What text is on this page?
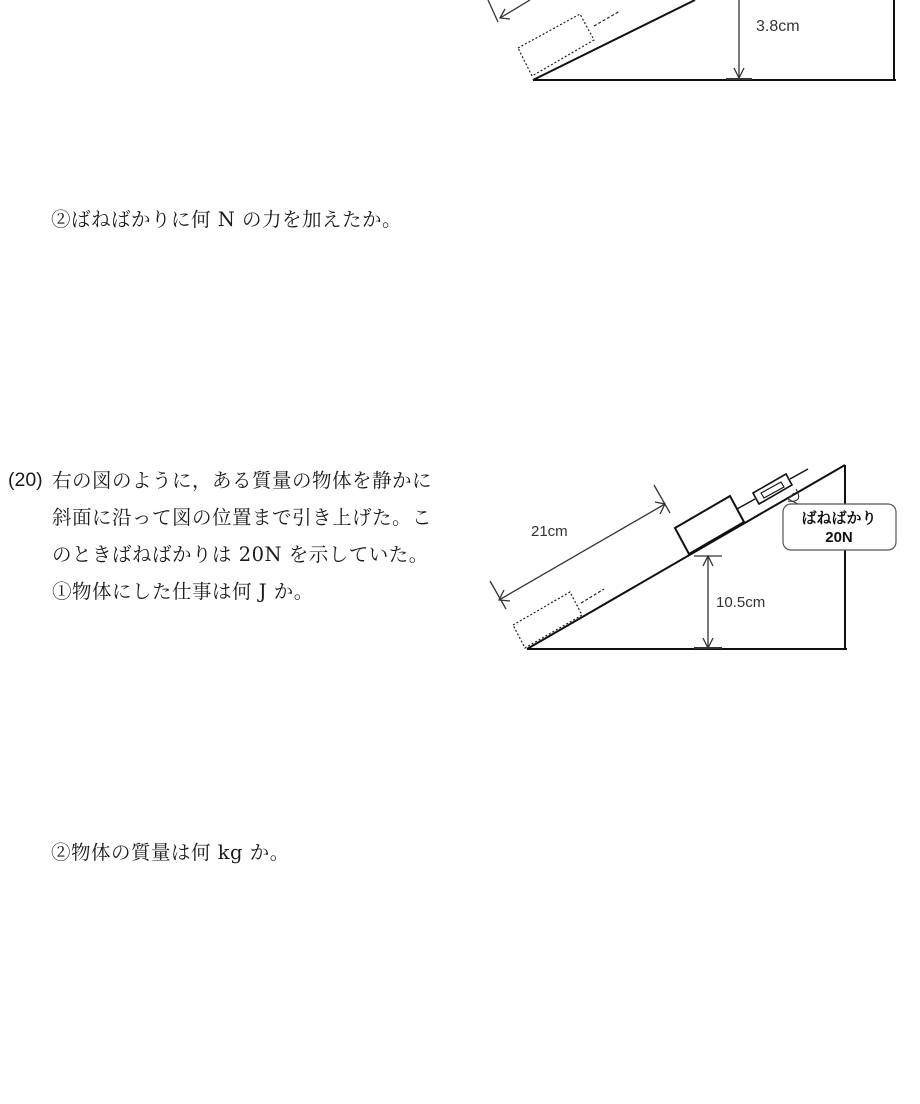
3.8cm
②ばねばかりに何 N の力を加えたか。
(20) 右の図のように，ある質量の物体を静かに
斜面に沿って図の位置まで引き上げた。こ
のときばねばかりは 20N を示していた。
①物体にした仕事は何 J か。
ばねばかり
20N
21cm
10.5cm
②物体の質量は何 kg か。
